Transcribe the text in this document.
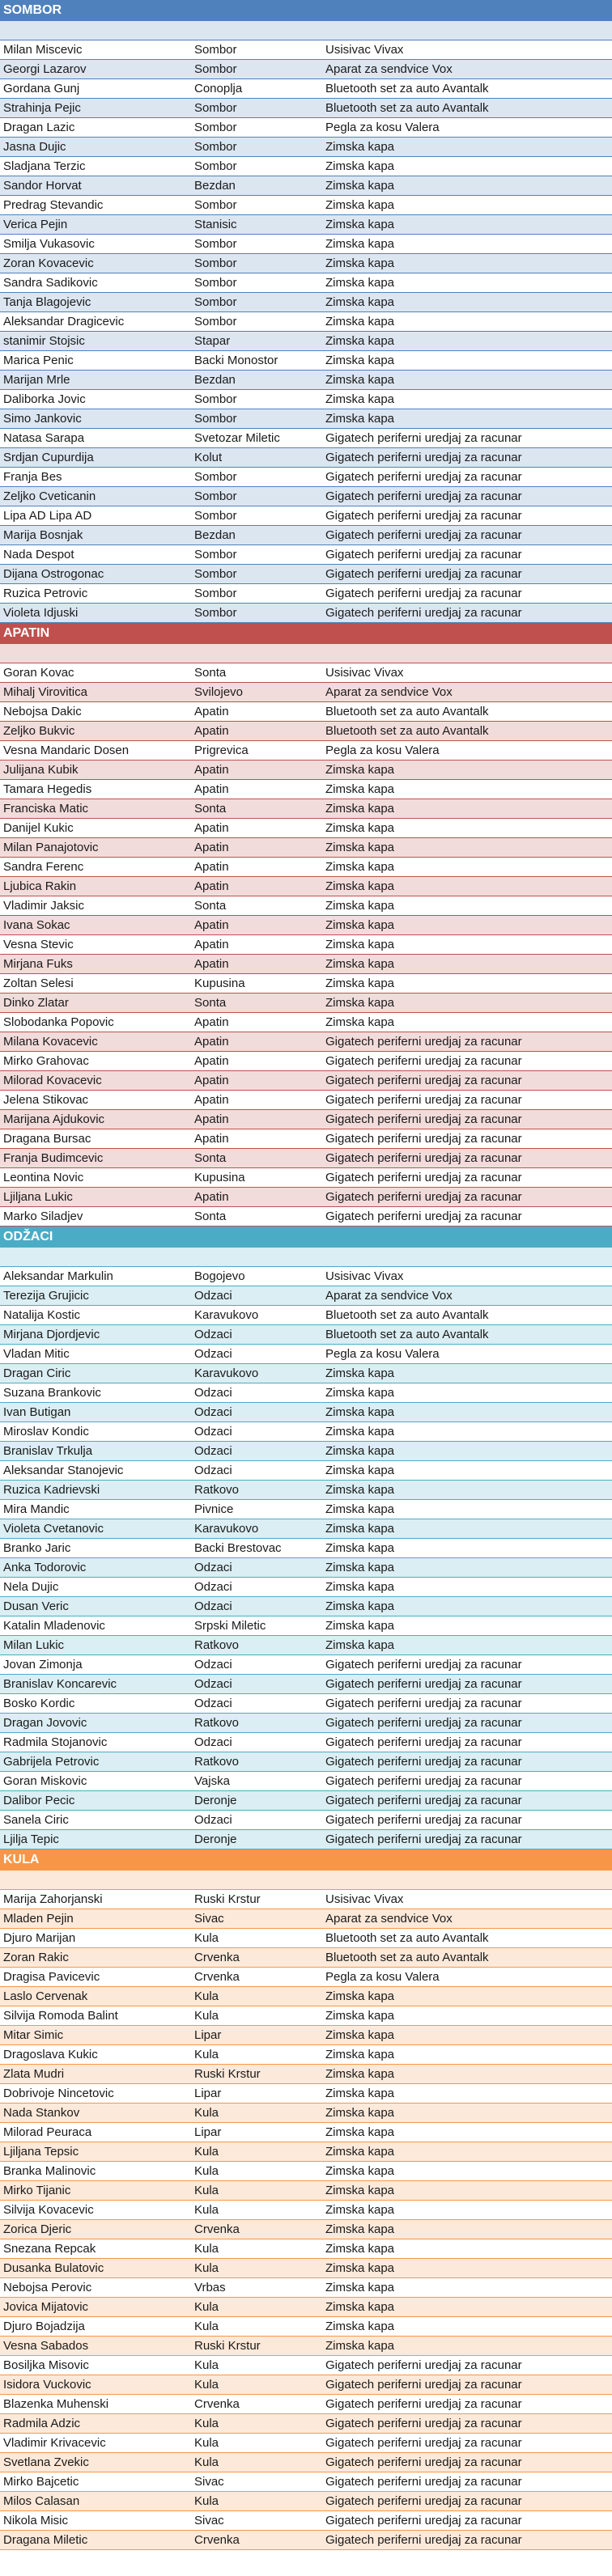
SOMBOR
Milan Miscevic	Sombor	Usisivac Vivax
Georgi Lazarov	Sombor	Aparat za sendvice Vox
Gordana Gunj	Conoplja	Bluetooth set za auto Avantalk
Strahinja Pejic	Sombor	Bluetooth set za auto Avantalk
Dragan Lazic	Sombor	Pegla za kosu Valera
Jasna Dujic	Sombor	Zimska kapa
Sladjana Terzic	Sombor	Zimska kapa
Sandor Horvat	Bezdan	Zimska kapa
Predrag Stevandic	Sombor	Zimska kapa
Verica Pejin	Stanisic	Zimska kapa
Smilja Vukasovic	Sombor	Zimska kapa
Zoran Kovacevic	Sombor	Zimska kapa
Sandra Sadikovic	Sombor	Zimska kapa
Tanja Blagojevic	Sombor	Zimska kapa
Aleksandar Dragicevic	Sombor	Zimska kapa
stanimir Stojsic	Stapar	Zimska kapa
Marica Penic	Backi Monostor	Zimska kapa
Marijan Mrle	Bezdan	Zimska kapa
Daliborka Jovic	Sombor	Zimska kapa
Simo Jankovic	Sombor	Zimska kapa
Natasa Sarapa	Svetozar Miletic	Gigatech periferni uredjaj za racunar
Srdjan Cupurdija	Kolut	Gigatech periferni uredjaj za racunar
Franja Bes	Sombor	Gigatech periferni uredjaj za racunar
Zeljko Cveticanin	Sombor	Gigatech periferni uredjaj za racunar
Lipa AD Lipa AD	Sombor	Gigatech periferni uredjaj za racunar
Marija Bosnjak	Bezdan	Gigatech periferni uredjaj za racunar
Nada Despot	Sombor	Gigatech periferni uredjaj za racunar
Dijana Ostrogonac	Sombor	Gigatech periferni uredjaj za racunar
Ruzica Petrovic	Sombor	Gigatech periferni uredjaj za racunar
Violeta Idjuski	Sombor	Gigatech periferni uredjaj za racunar
APATIN
Goran Kovac	Sonta	Usisivac Vivax
Mihalj Virovitica	Svilojevo	Aparat za sendvice Vox
Nebojsa Dakic	Apatin	Bluetooth set za auto Avantalk
Zeljko Bukvic	Apatin	Bluetooth set za auto Avantalk
Vesna Mandaric Dosen	Prigrevica	Pegla za kosu Valera
Julijana Kubik	Apatin	Zimska kapa
Tamara Hegedis	Apatin	Zimska kapa
Franciska Matic	Sonta	Zimska kapa
Danijel Kukic	Apatin	Zimska kapa
Milan Panajotovic	Apatin	Zimska kapa
Sandra Ferenc	Apatin	Zimska kapa
Ljubica Rakin	Apatin	Zimska kapa
Vladimir Jaksic	Sonta	Zimska kapa
Ivana Sokac	Apatin	Zimska kapa
Vesna Stevic	Apatin	Zimska kapa
Mirjana Fuks	Apatin	Zimska kapa
Zoltan Selesi	Kupusina	Zimska kapa
Dinko Zlatar	Sonta	Zimska kapa
Slobodanka Popovic	Apatin	Zimska kapa
Milana Kovacevic	Apatin	Gigatech periferni uredjaj za racunar
Mirko Grahovac	Apatin	Gigatech periferni uredjaj za racunar
Milorad Kovacevic	Apatin	Gigatech periferni uredjaj za racunar
Jelena Stikovac	Apatin	Gigatech periferni uredjaj za racunar
Marijana Ajdukovic	Apatin	Gigatech periferni uredjaj za racunar
Dragana Bursac	Apatin	Gigatech periferni uredjaj za racunar
Franja Budimcevic	Sonta	Gigatech periferni uredjaj za racunar
Leontina Novic	Kupusina	Gigatech periferni uredjaj za racunar
Ljiljana Lukic	Apatin	Gigatech periferni uredjaj za racunar
Marko Siladjev	Sonta	Gigatech periferni uredjaj za racunar
ODŽACI
Aleksandar Markulin	Bogojevo	Usisivac Vivax
Terezija Grujicic	Odzaci	Aparat za sendvice Vox
Natalija Kostic	Karavukovo	Bluetooth set za auto Avantalk
Mirjana Djordjevic	Odzaci	Bluetooth set za auto Avantalk
Vladan Mitic	Odzaci	Pegla za kosu Valera
Dragan Ciric	Karavukovo	Zimska kapa
Suzana Brankovic	Odzaci	Zimska kapa
Ivan Butigan	Odzaci	Zimska kapa
Miroslav Kondic	Odzaci	Zimska kapa
Branislav Trkulja	Odzaci	Zimska kapa
Aleksandar Stanojevic	Odzaci	Zimska kapa
Ruzica Kadrievski	Ratkovo	Zimska kapa
Mira Mandic	Pivnice	Zimska kapa
Violeta Cvetanovic	Karavukovo	Zimska kapa
Branko Jaric	Backi Brestovac	Zimska kapa
Anka Todorovic	Odzaci	Zimska kapa
Nela Dujic	Odzaci	Zimska kapa
Dusan Veric	Odzaci	Zimska kapa
Katalin Mladenovic	Srpski Miletic	Zimska kapa
Milan Lukic	Ratkovo	Zimska kapa
Jovan Zimonja	Odzaci	Gigatech periferni uredjaj za racunar
Branislav Koncarevic	Odzaci	Gigatech periferni uredjaj za racunar
Bosko Kordic	Odzaci	Gigatech periferni uredjaj za racunar
Dragan Jovovic	Ratkovo	Gigatech periferni uredjaj za racunar
Radmila Stojanovic	Odzaci	Gigatech periferni uredjaj za racunar
Gabrijela Petrovic	Ratkovo	Gigatech periferni uredjaj za racunar
Goran Miskovic	Vajska	Gigatech periferni uredjaj za racunar
Dalibor Pecic	Deronje	Gigatech periferni uredjaj za racunar
Sanela Ciric	Odzaci	Gigatech periferni uredjaj za racunar
Ljilja Tepic	Deronje	Gigatech periferni uredjaj za racunar
KULA
Marija Zahorjanski	Ruski Krstur	Usisivac Vivax
Mladen Pejin	Sivac	Aparat za sendvice Vox
Djuro Marijan	Kula	Bluetooth set za auto Avantalk
Zoran Rakic	Crvenka	Bluetooth set za auto Avantalk
Dragisa Pavicevic	Crvenka	Pegla za kosu Valera
Laslo Cervenak	Kula	Zimska kapa
Silvija Romoda Balint	Kula	Zimska kapa
Mitar Simic	Lipar	Zimska kapa
Dragoslava Kukic	Kula	Zimska kapa
Zlata Mudri	Ruski Krstur	Zimska kapa
Dobrivoje Nincetovic	Lipar	Zimska kapa
Nada Stankov	Kula	Zimska kapa
Milorad Peuraca	Lipar	Zimska kapa
Ljiljana Tepsic	Kula	Zimska kapa
Branka Malinovic	Kula	Zimska kapa
Mirko Tijanic	Kula	Zimska kapa
Silvija Kovacevic	Kula	Zimska kapa
Zorica Djeric	Crvenka	Zimska kapa
Snezana Repcak	Kula	Zimska kapa
Dusanka Bulatovic	Kula	Zimska kapa
Nebojsa Perovic	Vrbas	Zimska kapa
Jovica Mijatovic	Kula	Zimska kapa
Djuro Bojadzija	Kula	Zimska kapa
Vesna Sabados	Ruski Krstur	Zimska kapa
Bosiljka Misovic	Kula	Gigatech periferni uredjaj za racunar
Isidora Vuckovic	Kula	Gigatech periferni uredjaj za racunar
Blazenka Muhenski	Crvenka	Gigatech periferni uredjaj za racunar
Radmila Adzic	Kula	Gigatech periferni uredjaj za racunar
Vladimir Krivacevic	Kula	Gigatech periferni uredjaj za racunar
Svetlana Zvekic	Kula	Gigatech periferni uredjaj za racunar
Mirko Bajcetic	Sivac	Gigatech periferni uredjaj za racunar
Milos Calasan	Kula	Gigatech periferni uredjaj za racunar
Nikola Misic	Sivac	Gigatech periferni uredjaj za racunar
Dragana Miletic	Crvenka	Gigatech periferni uredjaj za racunar
